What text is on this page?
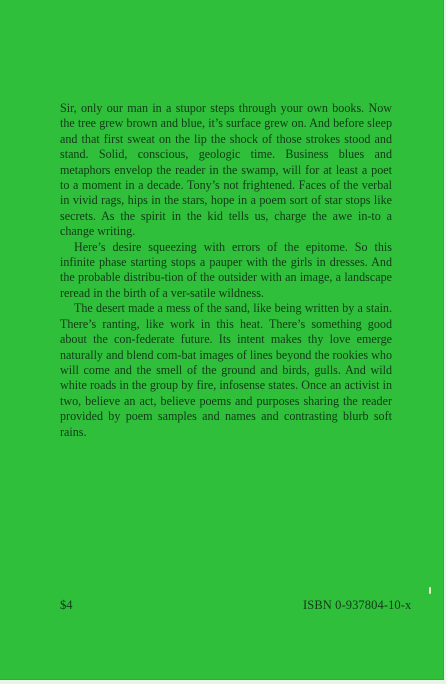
Sir, only our man in a stupor steps through your own books. Now the tree grew brown and blue, it’s surface grew on. And before sleep and that first sweat on the lip the shock of those strokes stood and stand. Solid, conscious, geologic time. Business blues and metaphors envelop the reader in the swamp, will for at least a poet to a moment in a decade. Tony’s not frightened. Faces of the verbal in vivid rags, hips in the stars, hope in a poem sort of star stops like secrets. As the spirit in the kid tells us, charge the awe in-to a change writing.

Here’s desire squeezing with errors of the epitome. So this infinite phase starting stops a pauper with the girls in dresses. And the probable distribu-tion of the outsider with an image, a landscape reread in the birth of a ver-satile wildness.

The desert made a mess of the sand, like being written by a stain. There’s ranting, like work in this heat. There’s something good about the con-federate future. Its intent makes thy love emerge naturally and blend com-bat images of lines beyond the rookies who will come and the smell of the ground and birds, gulls. And wild white roads in the group by fire, infosense states. Once an activist in two, believe an act, believe poems and purposes sharing the reader provided by poem samples and names and contrasting blurb soft rains.

$4	ISBN 0-937804-10-x
